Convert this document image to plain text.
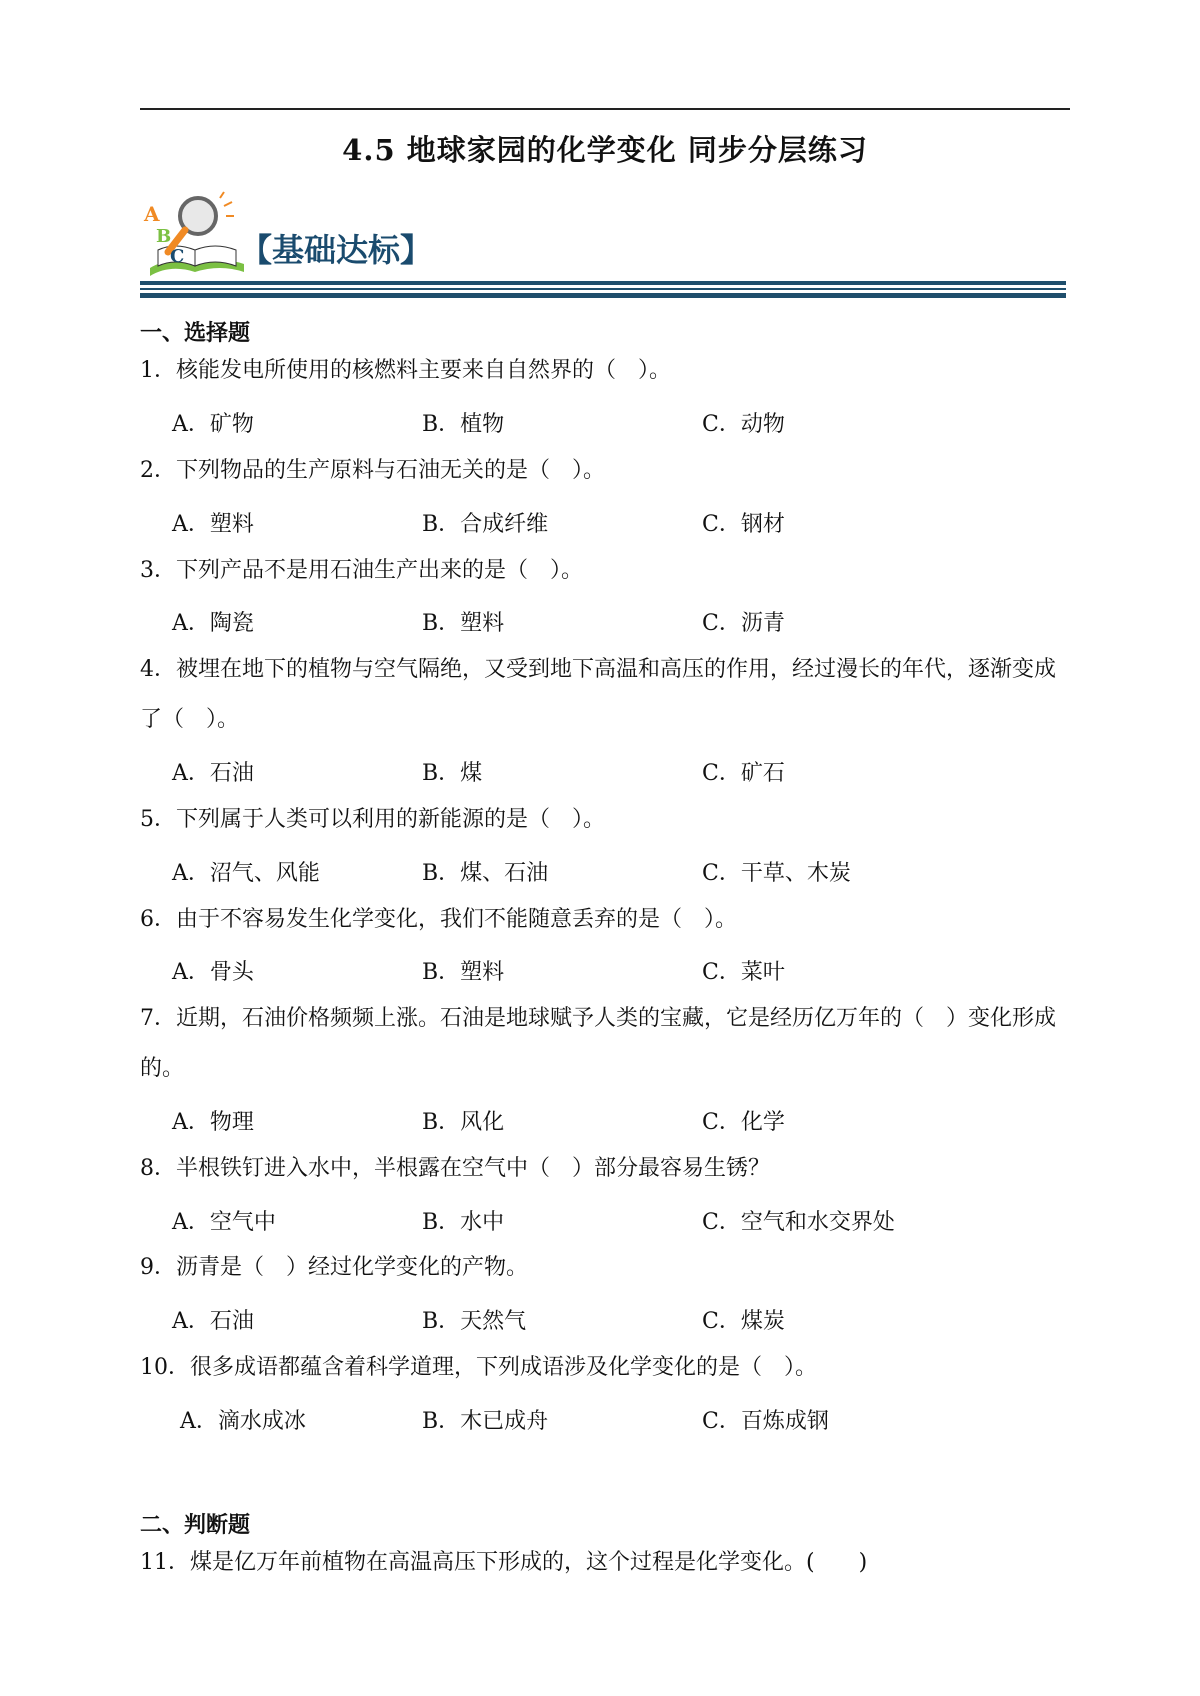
4.5 地球家园的化学变化 同步分层练习
A
B
C 【基础达标】
一、选择题
1．核能发电所使用的核燃料主要来自自然界的（　）。
A．矿物	B．植物	C．动物
2．下列物品的生产原料与石油无关的是（　）。
A．塑料	B．合成纤维	C．钢材
3．下列产品不是用石油生产出来的是（　）。
A．陶瓷	B．塑料	C．沥青
4．被埋在地下的植物与空气隔绝，又受到地下高温和高压的作用，经过漫长的年代，逐渐变成了（　）。
A．石油	B．煤	C．矿石
5．下列属于人类可以利用的新能源的是（　）。
A．沼气、风能	B．煤、石油	C．干草、木炭
6．由于不容易发生化学变化，我们不能随意丢弃的是（　）。
A．骨头	B．塑料	C．菜叶
7．近期，石油价格频频上涨。石油是地球赋予人类的宝藏，它是经历亿万年的（　）变化形成的。
A．物理	B．风化	C．化学
8．半根铁钉进入水中，半根露在空气中（　）部分最容易生锈？
A．空气中	B．水中	C．空气和水交界处
9．沥青是（　）经过化学变化的产物。
A．石油	B．天然气	C．煤炭
10．很多成语都蕴含着科学道理，下列成语涉及化学变化的是（　）。
A．滴水成冰	B．木已成舟	C．百炼成钢
二、判断题
11．煤是亿万年前植物在高温高压下形成的，这个过程是化学变化。(　　)
